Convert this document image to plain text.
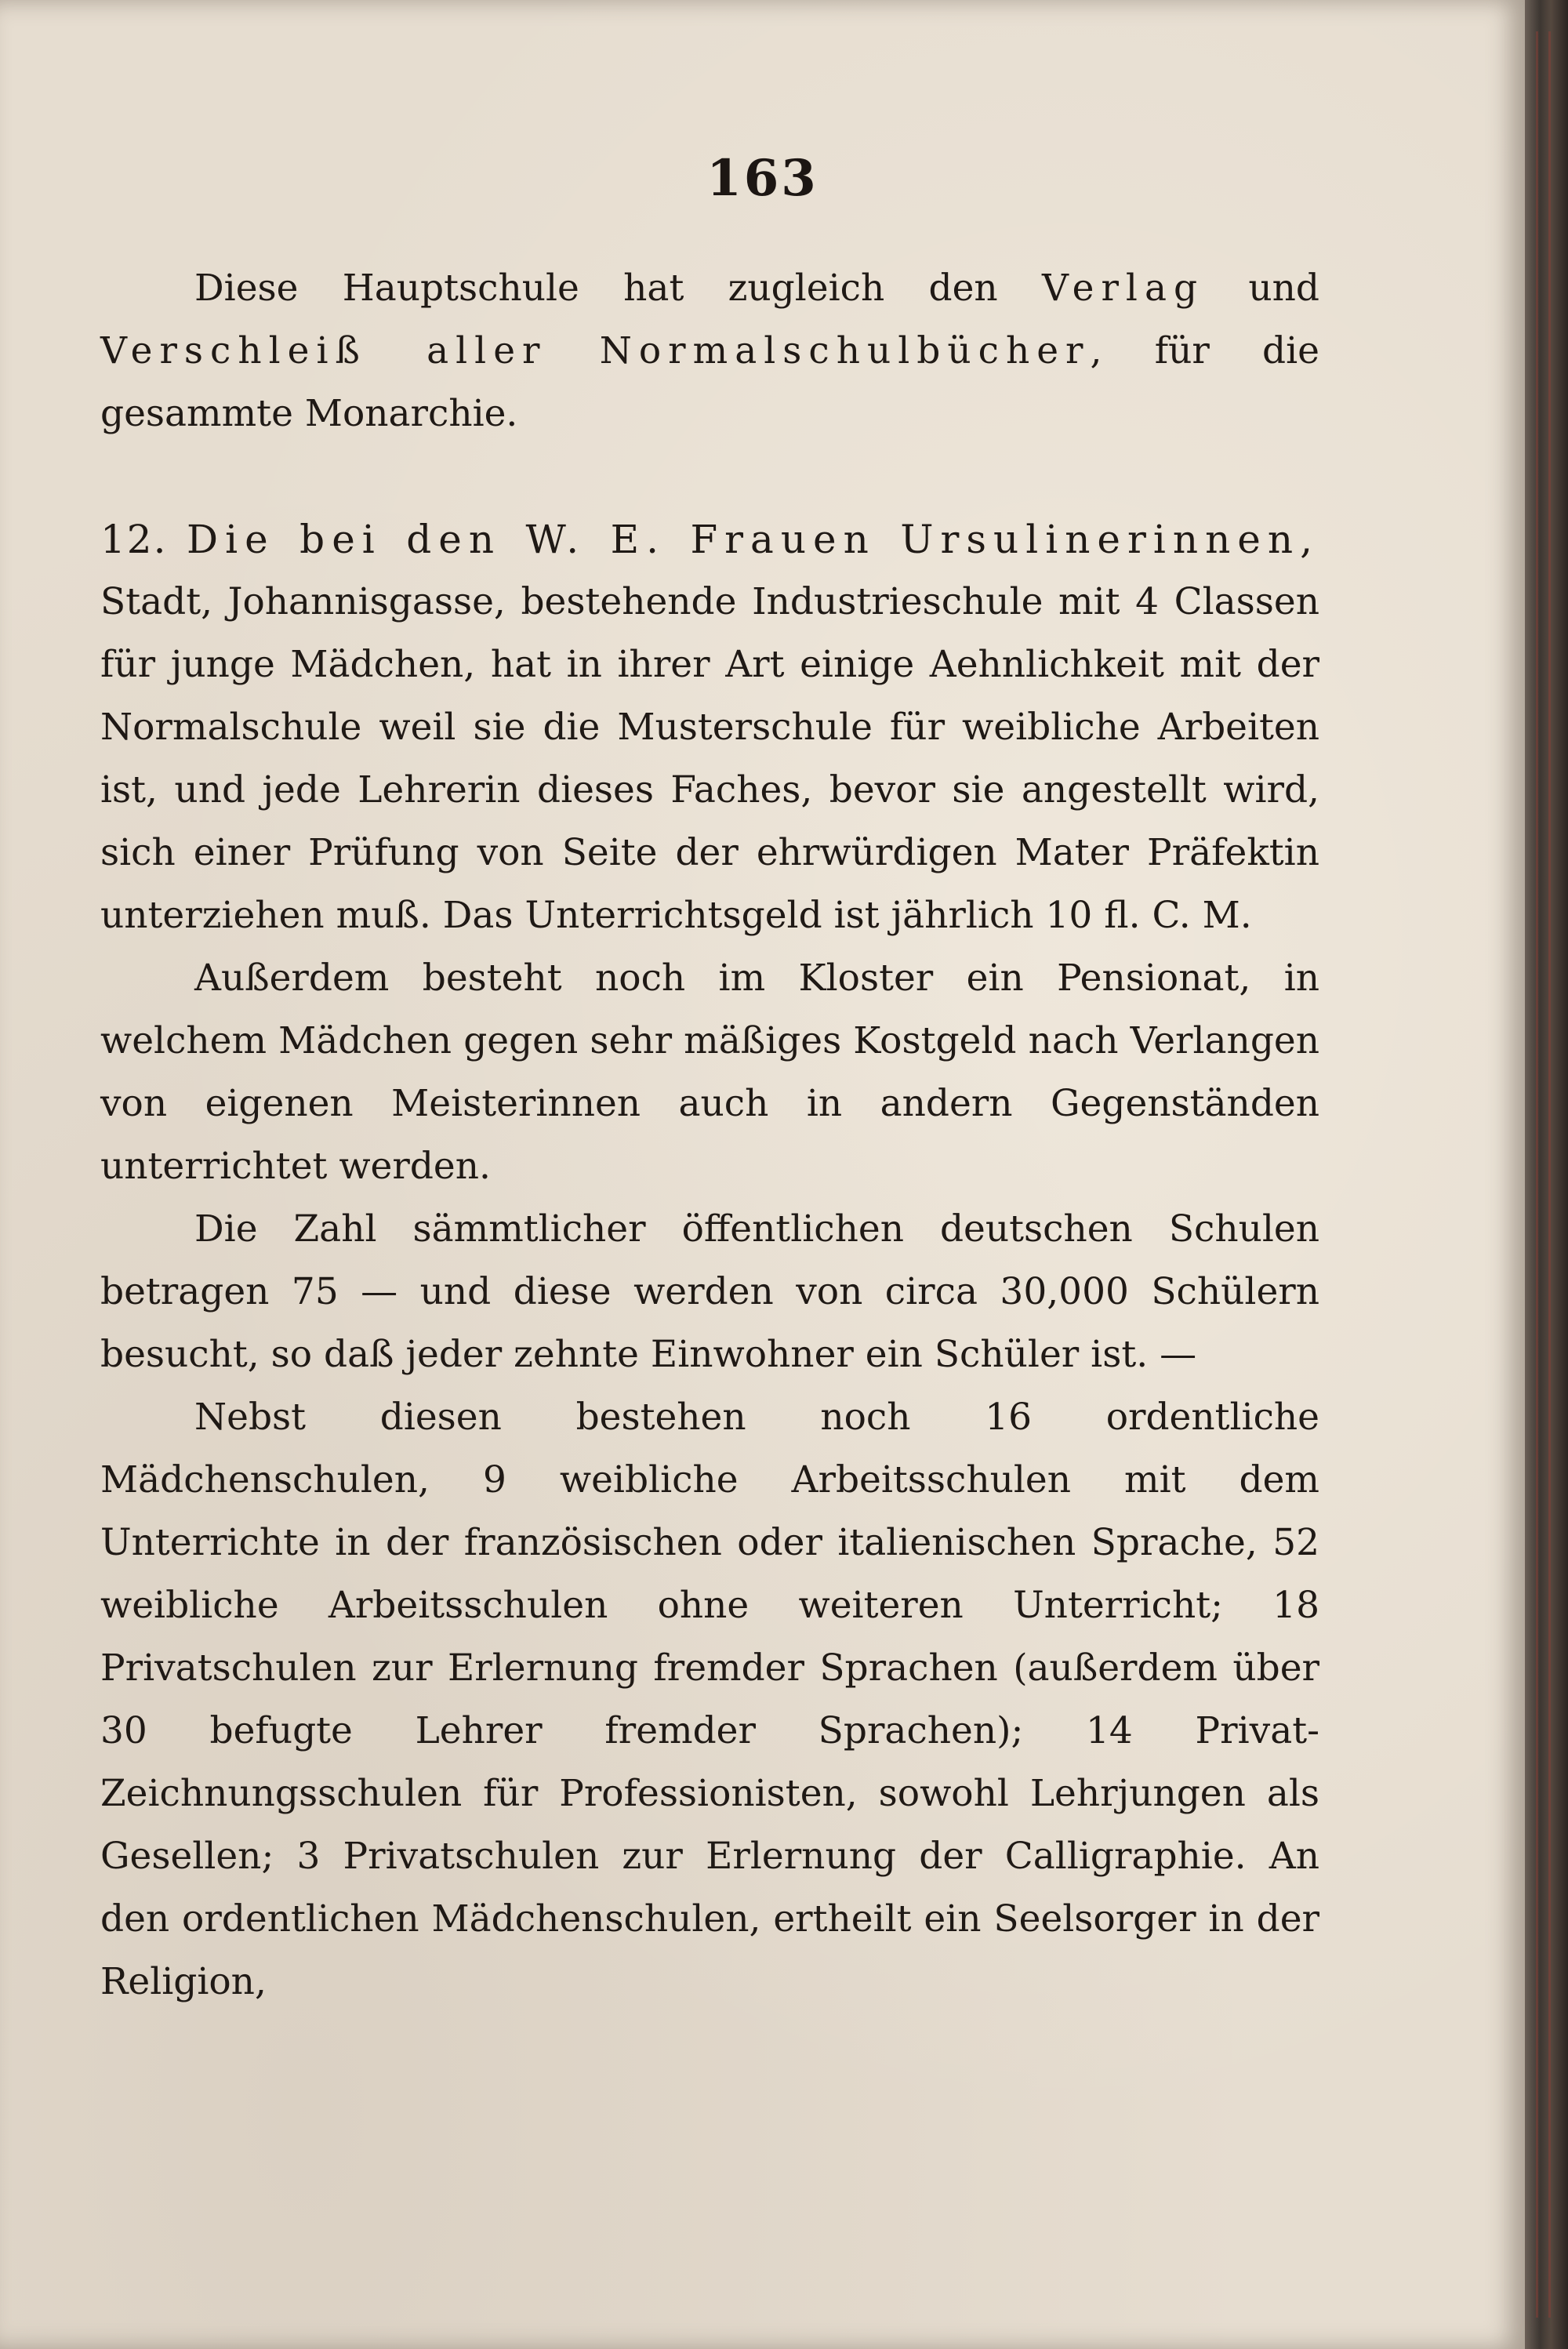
163

Diese Hauptschule hat zugleich den Verlag und Verschleiß aller Normalschulbücher, für die gesammte Monarchie.

12. Die bei den W. E. Frauen Ursulinerinnen,

Stadt, Johannisgasse, bestehende Industrieschule mit 4 Classen für junge Mädchen, hat in ihrer Art einige Aehnlichkeit mit der Normalschule weil sie die Musterschule für weibliche Arbeiten ist, und jede Lehrerin dieses Faches, bevor sie angestellt wird, sich einer Prüfung von Seite der ehrwürdigen Mater Präfektin unterziehen muß. Das Unterrichtsgeld ist jährlich 10 fl. C. M.

Außerdem besteht noch im Kloster ein Pensionat, in welchem Mädchen gegen sehr mäßiges Kostgeld nach Verlangen von eigenen Meisterinnen auch in andern Gegenständen unterrichtet werden.

Die Zahl sämmtlicher öffentlichen deutschen Schulen betragen 75 — und diese werden von circa 30,000 Schülern besucht, so daß jeder zehnte Einwohner ein Schüler ist. —

Nebst diesen bestehen noch 16 ordentliche Mädchenschulen, 9 weibliche Arbeitsschulen mit dem Unterrichte in der französischen oder italienischen Sprache, 52 weibliche Arbeitsschulen ohne weiteren Unterricht; 18 Privatschulen zur Erlernung fremder Sprachen (außerdem über 30 befugte Lehrer fremder Sprachen); 14 Privat-Zeichnungsschulen für Professionisten, sowohl Lehrjungen als Gesellen; 3 Privatschulen zur Erlernung der Calligraphie. An den ordentlichen Mädchenschulen, ertheilt ein Seelsorger in der Religion,
